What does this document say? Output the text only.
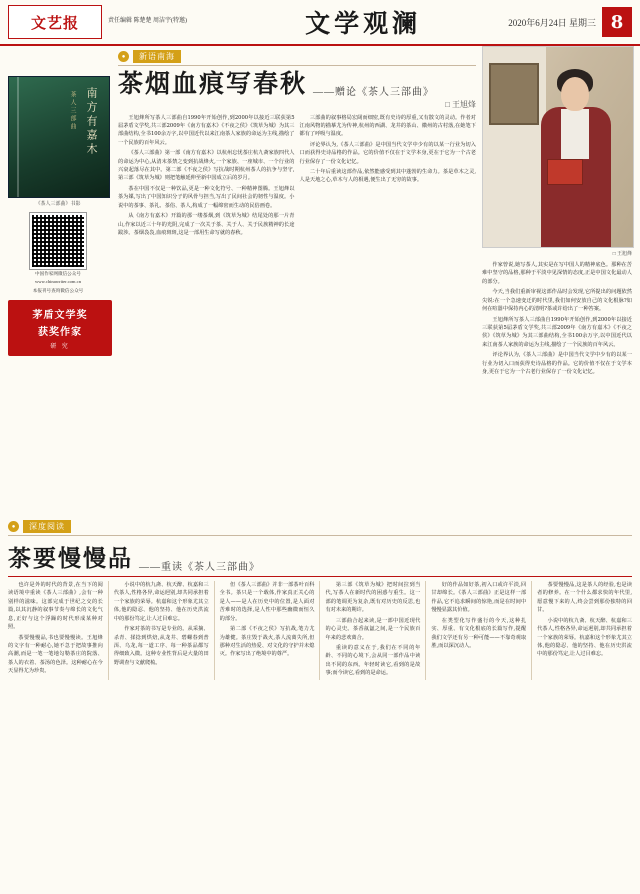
文艺报	责任编辑 陈楚楚 周洁宇(特邀)	文学观澜	2020年6月24日 星期三 8
南方有嘉木
茶人三部曲
《茶人三部曲》书影
中国作家网微信公众号
www.chinawriter.com.cn
本报刊号查询微信公众号
茅盾文学奖
获奖作家
研 究
●	新语南海
茶烟血痕写春秋 ——赠论《茶人三部曲》
□ 王旭烽

王旭烽所写茶人三部曲自1990年开始创作,到2000年以接近三联获第5届茅盾文学奖,共三部2009年《南方有嘉木》《不夜之侯》《筑草为城》为其三部曲结构,全书100余万字,以中国近代以来江南茶人家族的命运为主线,描绘了一个民族的百年风云。

《茶人三部曲》第一部《南方有嘉木》以杭州忘忧茶庄杭九斋家族四代人的命运为中心,从清末茶禁之变到抗战烽火,一个家族、一座城市、一个行业的兴衰起落尽在其中。第二部《不夜之侯》写抗战时期杭州茶人的抗争与坚守,第三部《筑草为城》则把笔触延伸至新中国成立后的岁月。

茶在中国不仅是一种饮品,更是一种文化符号、一种精神图腾。王旭烽以茶为媒,写出了中国知识分子的风骨与担当,写出了民间社会的韧性与温度。小说中的茶事、茶礼、茶俗、茶人,构成了一幅绵密而生动的民俗画卷。

从《南方有嘉木》开篇的那一缕茶烟,到《筑草为城》结尾处的那一片青山,作家以近三十年的光阴,完成了一次关于茶、关于人、关于民族精神的长途跋涉。茶烟袅袅,血痕斑斑,这是一部用生命写就的春秋。

三部曲的叙事格局宏阔而细密,既有史诗的厚重,又有散文的灵动。作者对江南风物的描摹尤为传神,杭州的西湖、龙井的茶山、徽州的古村落,在她笔下都有了呼吸与温度。

评论界认为,《茶人三部曲》是中国当代文学中少有的以某一行业为切入口而获得史诗品格的作品。它的价值不仅在于文学本身,更在于它为一个古老行业保存了一份文化记忆。

二十年后重读这部作品,依然能感受到其中蓬勃的生命力。茶是草木之灵,人是天地之心,草木与人的相遇,便生出了无穷的故事。

□ 王旭烽

作家曾说,她写茶人,其实是在写中国人的精神底色。那种在苦难中坚守的品格,那种于平淡中见深情的态度,正是中国文化最动人的部分。

今天,当我们重新审视这部作品时会发现,它所提出的问题依然尖锐:在一个急速变迁的时代里,我们如何安放自己的文化根脉?如何在喧嚣中保持内心的清明?茶或许给出了一种答案。

王旭烽所写茶人三部曲自1990年开始创作,到2000年以接近三联获第5届茅盾文学奖,共三部2009年《南方有嘉木》《不夜之侯》《筑草为城》为其三部曲结构,全书100余万字,以中国近代以来江南茶人家族的命运为主线,描绘了一个民族的百年风云。

评论界认为,《茶人三部曲》是中国当代文学中少有的以某一行业为切入口而获得史诗品格的作品。它的价值不仅在于文学本身,更在于它为一个古老行业保存了一份文化记忆。

●	深度阅读
茶要慢慢品 ——重读《茶人三部曲》

也许是外的时代的背景,在当下的阅读语境中重读《茶人三部曲》,会有一种别样的滋味。这部完成于世纪之交的长篇,以其沉静的叙事节奏与绵长的文化气息,正好与这个浮躁的时代形成某种对照。

茶要慢慢品,书也要慢慢读。王旭烽的文字有一种耐心,她不急于把故事推向高潮,而是一笔一笔地勾勒茶庄的院落、茶人的衣着、茶汤的色泽。这种耐心在今天显得尤为珍贵。

小说中的杭九斋、杭天醉、杭嘉和三代茶人,性格各异,命运迥别,却共同承担着一个家族的荣辱。杭嘉和这个形象尤其立体,他的隐忍、他的坚持、他在历史洪流中的那份笃定,让人过目难忘。

作家对茶的书写是专业的。从采摘、杀青、揉捻到烘焙,从龙井、碧螺春到普洱、乌龙,每一道工序、每一种茶品都写得细致入微。这种专业性背后是大量的田野调查与文献爬梳。

但《茶人三部曲》并非一部茶叶百科全书。茶只是一个载体,作家真正关心的是人——是人在历史中的位置,是人面对苦难时的选择,是人性中那些幽微而恒久的部分。

第二部《不夜之侯》写抗战,笔力尤为雄健。茶庄毁于战火,茶人流离失所,但那种对生活的热爱、对文化的守护并未熄灭。作家写出了绝境中的尊严。

第三部《筑草为城》把时间拉到当代,写茶人在新时代的困惑与重生。这一部的笔调更为复杂,既有对历史的反思,也有对未来的期许。

三部曲合起来读,是一部中国近现代的心灵史。茶香氤氲之间,是一个民族百年来的悲欢离合。

重读的意义在于,我们在不同的年龄、不同的心境下,会从同一部作品中读出不同的东西。年轻时读它,看到的是故事;而今读它,看到的是命运。

好的作品如好茶,初入口或许平淡,回甘却绵长。《茶人三部曲》正是这样一部作品,它不追求瞬间的惊艳,而是在时间中慢慢显露其价值。

在类型化写作盛行的今天,这种扎实、厚重、有文化根底的长篇写作,提醒我们文学还有另一种可能——不靠奇观取胜,而以深沉动人。

茶要慢慢品,这是茶人的经验,也是读者的修养。在一个什么都求快的年代里,愿意慢下来的人,终会尝到那份独特的回甘。

小说中的杭九斋、杭天醉、杭嘉和三代茶人,性格各异,命运迥别,却共同承担着一个家族的荣辱。杭嘉和这个形象尤其立体,他的隐忍、他的坚持、他在历史洪流中的那份笃定,让人过目难忘。
